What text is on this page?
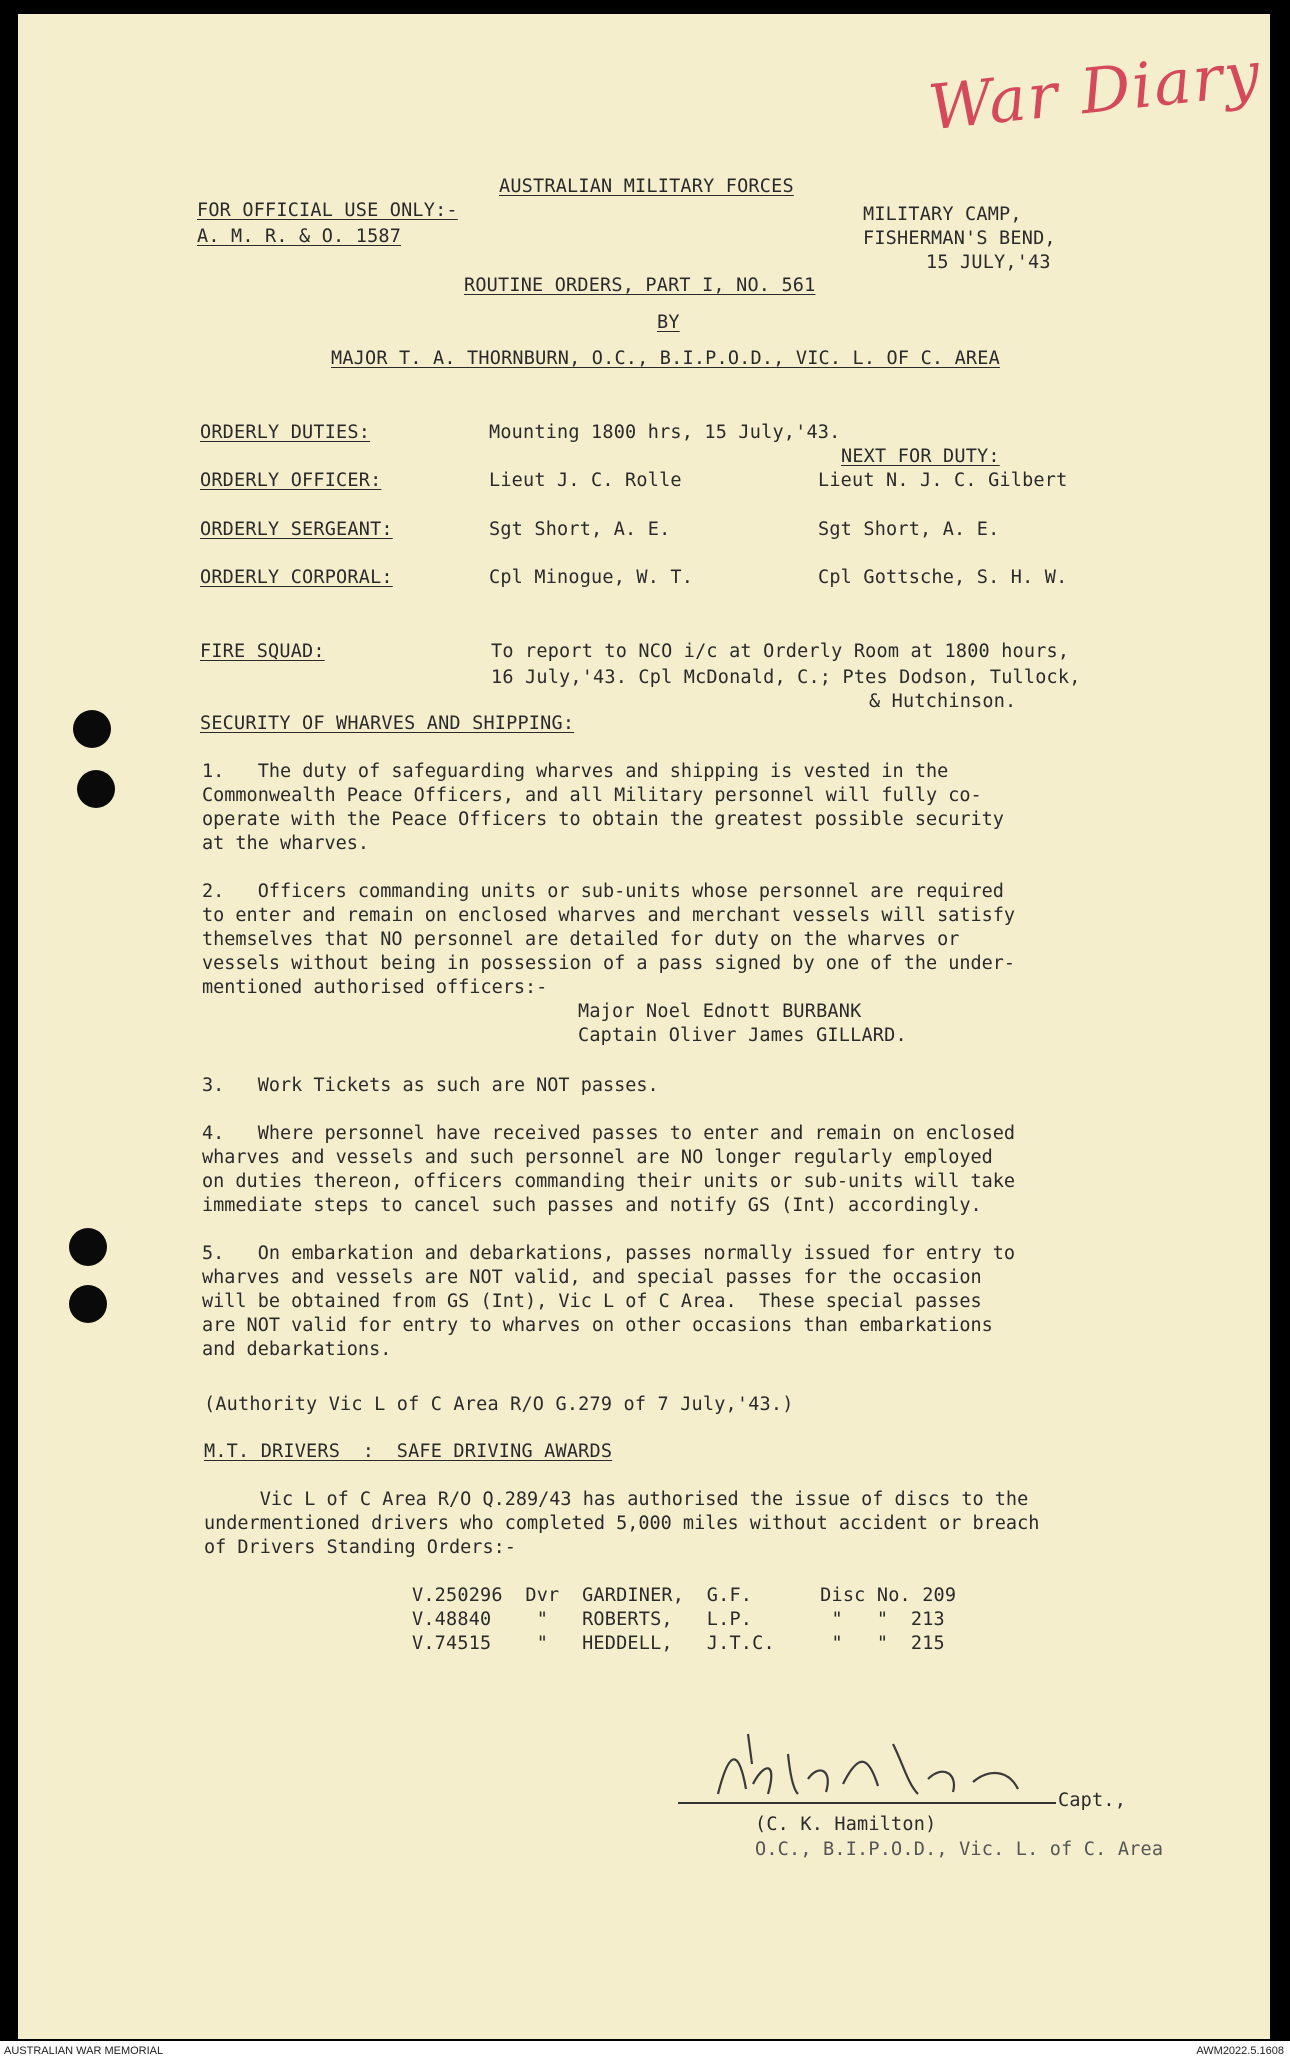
War Diary
AUSTRALIAN MILITARY FORCES
FOR OFFICIAL USE ONLY:-
A. M. R. & O. 1587
MILITARY CAMP,
FISHERMAN'S BEND,
15 JULY,'43
ROUTINE ORDERS, PART I, NO. 561
BY
MAJOR T. A. THORNBURN, O.C., B.I.P.O.D., VIC. L. OF C. AREA
ORDERLY DUTIES:	Mounting 1800 hrs, 15 July,'43.
NEXT FOR DUTY:
ORDERLY OFFICER:	Lieut J. C. Rolle	Lieut N. J. C. Gilbert
ORDERLY SERGEANT:	Sgt Short, A. E.	Sgt Short, A. E.
ORDERLY CORPORAL:	Cpl Minogue, W. T.	Cpl Gottsche, S. H. W.
FIRE SQUAD:	To report to NCO i/c at Orderly Room at 1800 hours,
16 July,'43. Cpl McDonald, C.; Ptes Dodson, Tullock,
& Hutchinson.
SECURITY OF WHARVES AND SHIPPING:
1.   The duty of safeguarding wharves and shipping is vested in the
Commonwealth Peace Officers, and all Military personnel will fully co-
operate with the Peace Officers to obtain the greatest possible security
at the wharves.
2.   Officers commanding units or sub-units whose personnel are required
to enter and remain on enclosed wharves and merchant vessels will satisfy
themselves that NO personnel are detailed for duty on the wharves or
vessels without being in possession of a pass signed by one of the under-
mentioned authorised officers:-
Major Noel Ednott BURBANK
Captain Oliver James GILLARD.
3.   Work Tickets as such are NOT passes.
4.   Where personnel have received passes to enter and remain on enclosed
wharves and vessels and such personnel are NO longer regularly employed
on duties thereon, officers commanding their units or sub-units will take
immediate steps to cancel such passes and notify GS (Int) accordingly.
5.   On embarkation and debarkations, passes normally issued for entry to
wharves and vessels are NOT valid, and special passes for the occasion
will be obtained from GS (Int), Vic L of C Area.  These special passes
are NOT valid for entry to wharves on other occasions than embarkations
and debarkations.
(Authority Vic L of C Area R/O G.279 of 7 July,'43.)
M.T. DRIVERS  :  SAFE DRIVING AWARDS
Vic L of C Area R/O Q.289/43 has authorised the issue of discs to the
undermentioned drivers who completed 5,000 miles without accident or breach
of Drivers Standing Orders:-
V.250296  Dvr  GARDINER,  G.F.      Disc No. 209
V.48840    "   ROBERTS,   L.P.       "   "  213
V.74515    "   HEDDELL,   J.T.C.     "   "  215
Capt.,
(C. K. Hamilton)
O.C., B.I.P.O.D., Vic. L. of C. Area
AUSTRALIAN WAR MEMORIAL	AWM2022.5.1608
